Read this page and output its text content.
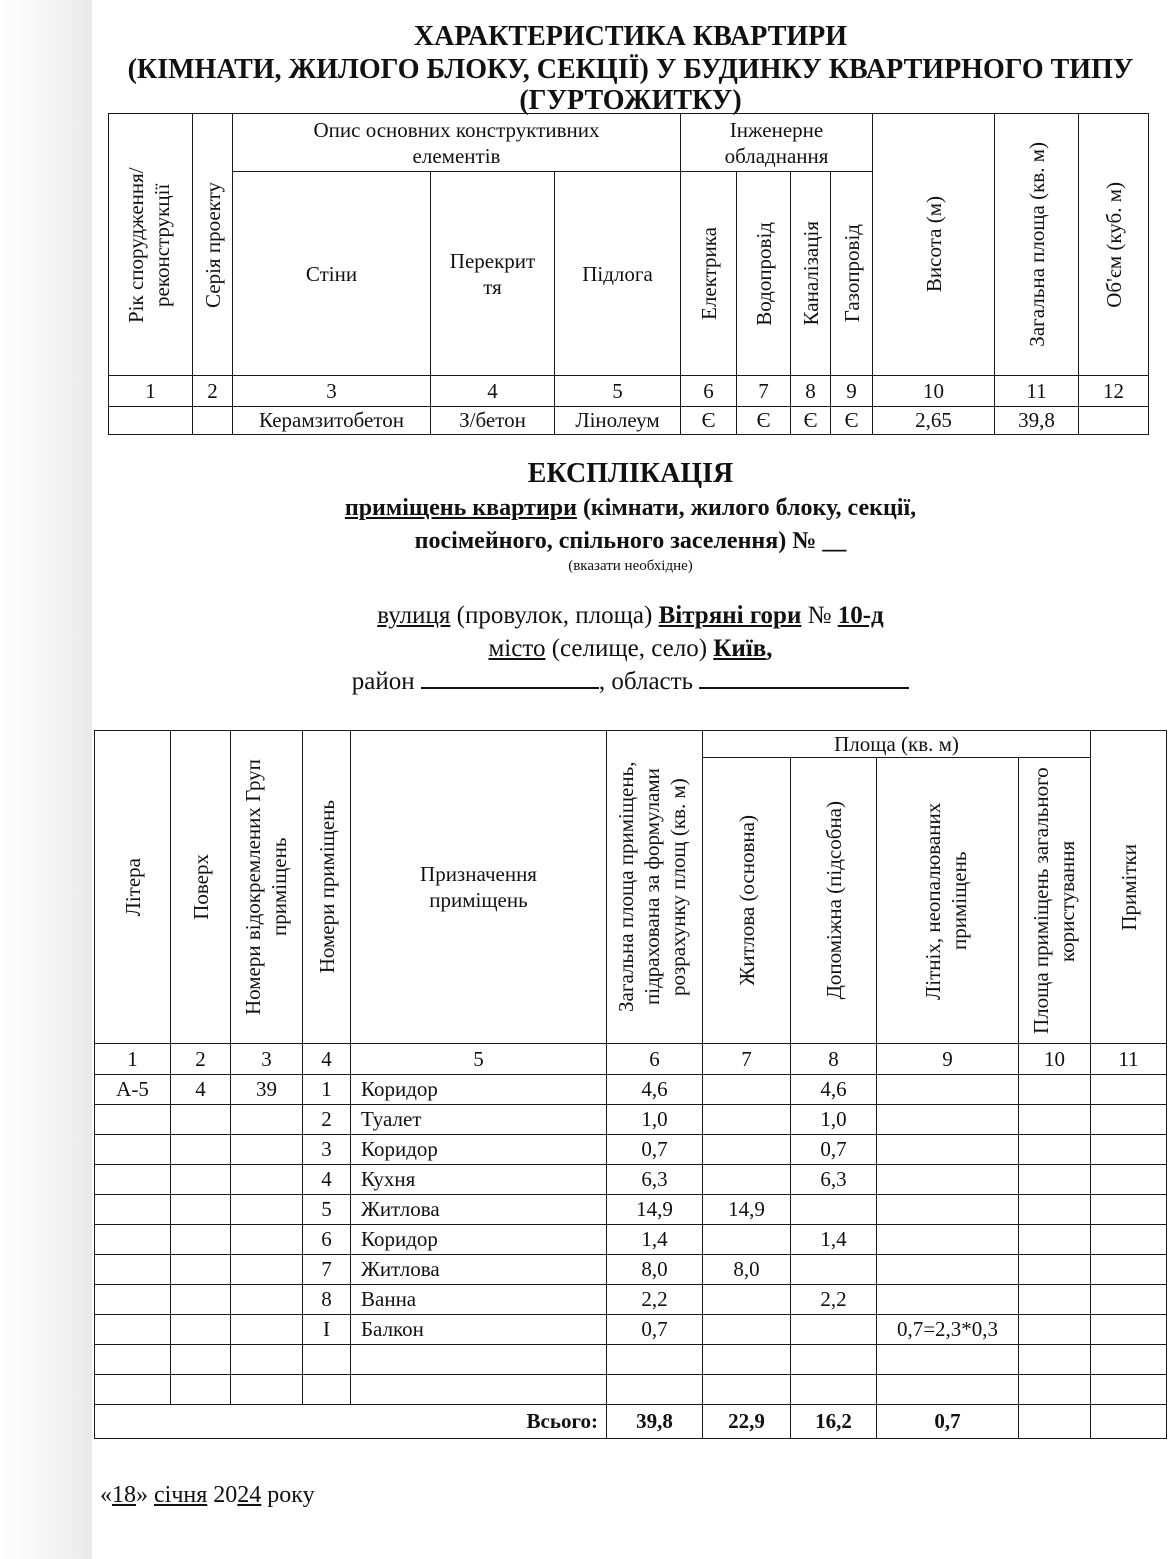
ХАРАКТЕРИСТИКА КВАРТИРИ
(КІМНАТИ, ЖИЛОГО БЛОКУ, СЕКЦІЇ) У БУДИНКУ КВАРТИРНОГО ТИПУ
(ГУРТОЖИТКУ)
Рік спорудження/ реконструкції	Серія проекту	Опис основних конструктивних елементів			Інженерне обладнання				Висота (м)	Загальна площа (кв. м)	Об'єм (куб. м)

		Стіни	Перекрит тя	Підлога	Електрика	Водопровід	Каналізація	Газопровід			

1	2	3	4	5	6	7	8	9	10	11	12
		Керамзитобетон	З/бетон	Лінолеум	Є	Є	Є	Є	2,65	39,8	
ЕКСПЛІКАЦІЯ
приміщень квартири (кімнати, жилого блоку, секції,
посімейного, спільного заселення) № __
(вказати необхідне)
вулиця (провулок, площа) Вітряні гори № 10-д
місто (селище, село) Київ,
район	, область
Літера	Поверх	Номери відокремлених Груп приміщень	Номери приміщень	Призначення приміщень	Загальна площа приміщень, підрахована за формулами розрахунку площ (кв. м)	Площа (кв. м)				Примітки

						Житлова (основна)	Допоміжна (підсобна)	Літніх, неопалюваних приміщень	Площа приміщень загального користування	

1	2	3	4	5	6	7	8	9	10	11
А-5	4	39	1	Коридор	4,6		4,6			
			2	Туалет	1,0		1,0			
			3	Коридор	0,7		0,7			
			4	Кухня	6,3		6,3			
			5	Житлова	14,9	14,9				
			6	Коридор	1,4		1,4			
			7	Житлова	8,0	8,0				
			8	Ванна	2,2		2,2			
			І	Балкон	0,7			0,7=2,3*0,3		

Всього:					39,8	22,9	16,2	0,7		
«18» січня 2024 року
